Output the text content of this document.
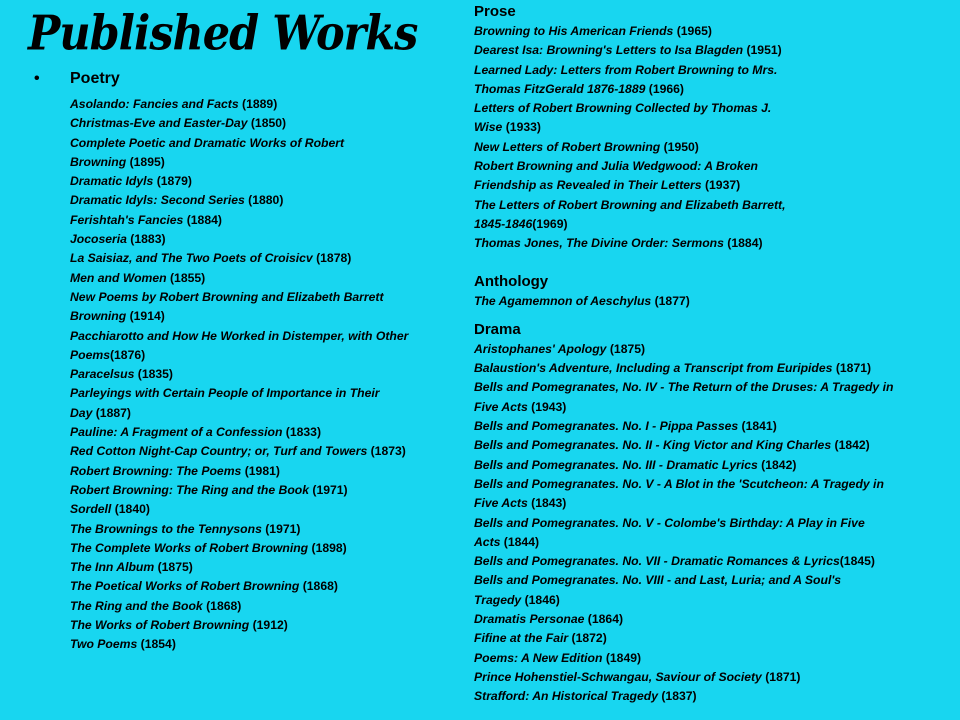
Published Works
• Poetry
Asolando: Fancies and Facts (1889)
Christmas-Eve and Easter-Day (1850)
Complete Poetic and Dramatic Works of Robert
Browning (1895)
Dramatic Idyls (1879)
Dramatic Idyls: Second Series (1880)
Ferishtah's Fancies (1884)
Jocoseria (1883)
La Saisiaz, and The Two Poets of Croisicv (1878)
Men and Women (1855)
New Poems by Robert Browning and Elizabeth Barrett
Browning (1914)
Pacchiarotto and How He Worked in Distemper, with Other
Poems(1876)
Paracelsus (1835)
Parleyings with Certain People of Importance in Their
Day (1887)
Pauline: A Fragment of a Confession (1833)
Red Cotton Night-Cap Country; or, Turf and Towers (1873)
Robert Browning: The Poems (1981)
Robert Browning: The Ring and the Book (1971)
Sordell (1840)
The Brownings to the Tennysons (1971)
The Complete Works of Robert Browning (1898)
The Inn Album (1875)
The Poetical Works of Robert Browning (1868)
The Ring and the Book (1868)
The Works of Robert Browning (1912)
Two Poems (1854)
Prose
Browning to His American Friends (1965)
Dearest Isa: Browning's Letters to Isa Blagden (1951)
Learned Lady: Letters from Robert Browning to Mrs.
Thomas FitzGerald 1876-1889 (1966)
Letters of Robert Browning Collected by Thomas J.
Wise (1933)
New Letters of Robert Browning (1950)
Robert Browning and Julia Wedgwood: A Broken
Friendship as Revealed in Their Letters (1937)
The Letters of Robert Browning and Elizabeth Barrett,
1845-1846(1969)
Thomas Jones, The Divine Order: Sermons (1884)
Anthology
The Agamemnon of Aeschylus (1877)
Drama
Aristophanes' Apology (1875)
Balaustion's Adventure, Including a Transcript from Euripides (1871)
Bells and Pomegranates, No. IV - The Return of the Druses: A Tragedy in
Five Acts (1943)
Bells and Pomegranates. No. I - Pippa Passes (1841)
Bells and Pomegranates. No. II - King Victor and King Charles (1842)
Bells and Pomegranates. No. III - Dramatic Lyrics (1842)
Bells and Pomegranates. No. V - A Blot in the 'Scutcheon: A Tragedy in
Five Acts (1843)
Bells and Pomegranates. No. V - Colombe's Birthday: A Play in Five
Acts (1844)
Bells and Pomegranates. No. VII - Dramatic Romances & Lyrics(1845)
Bells and Pomegranates. No. VIII - and Last, Luria; and A Soul's
Tragedy (1846)
Dramatis Personae (1864)
Fifine at the Fair (1872)
Poems: A New Edition (1849)
Prince Hohenstiel-Schwangau, Saviour of Society (1871)
Strafford: An Historical Tragedy (1837)
